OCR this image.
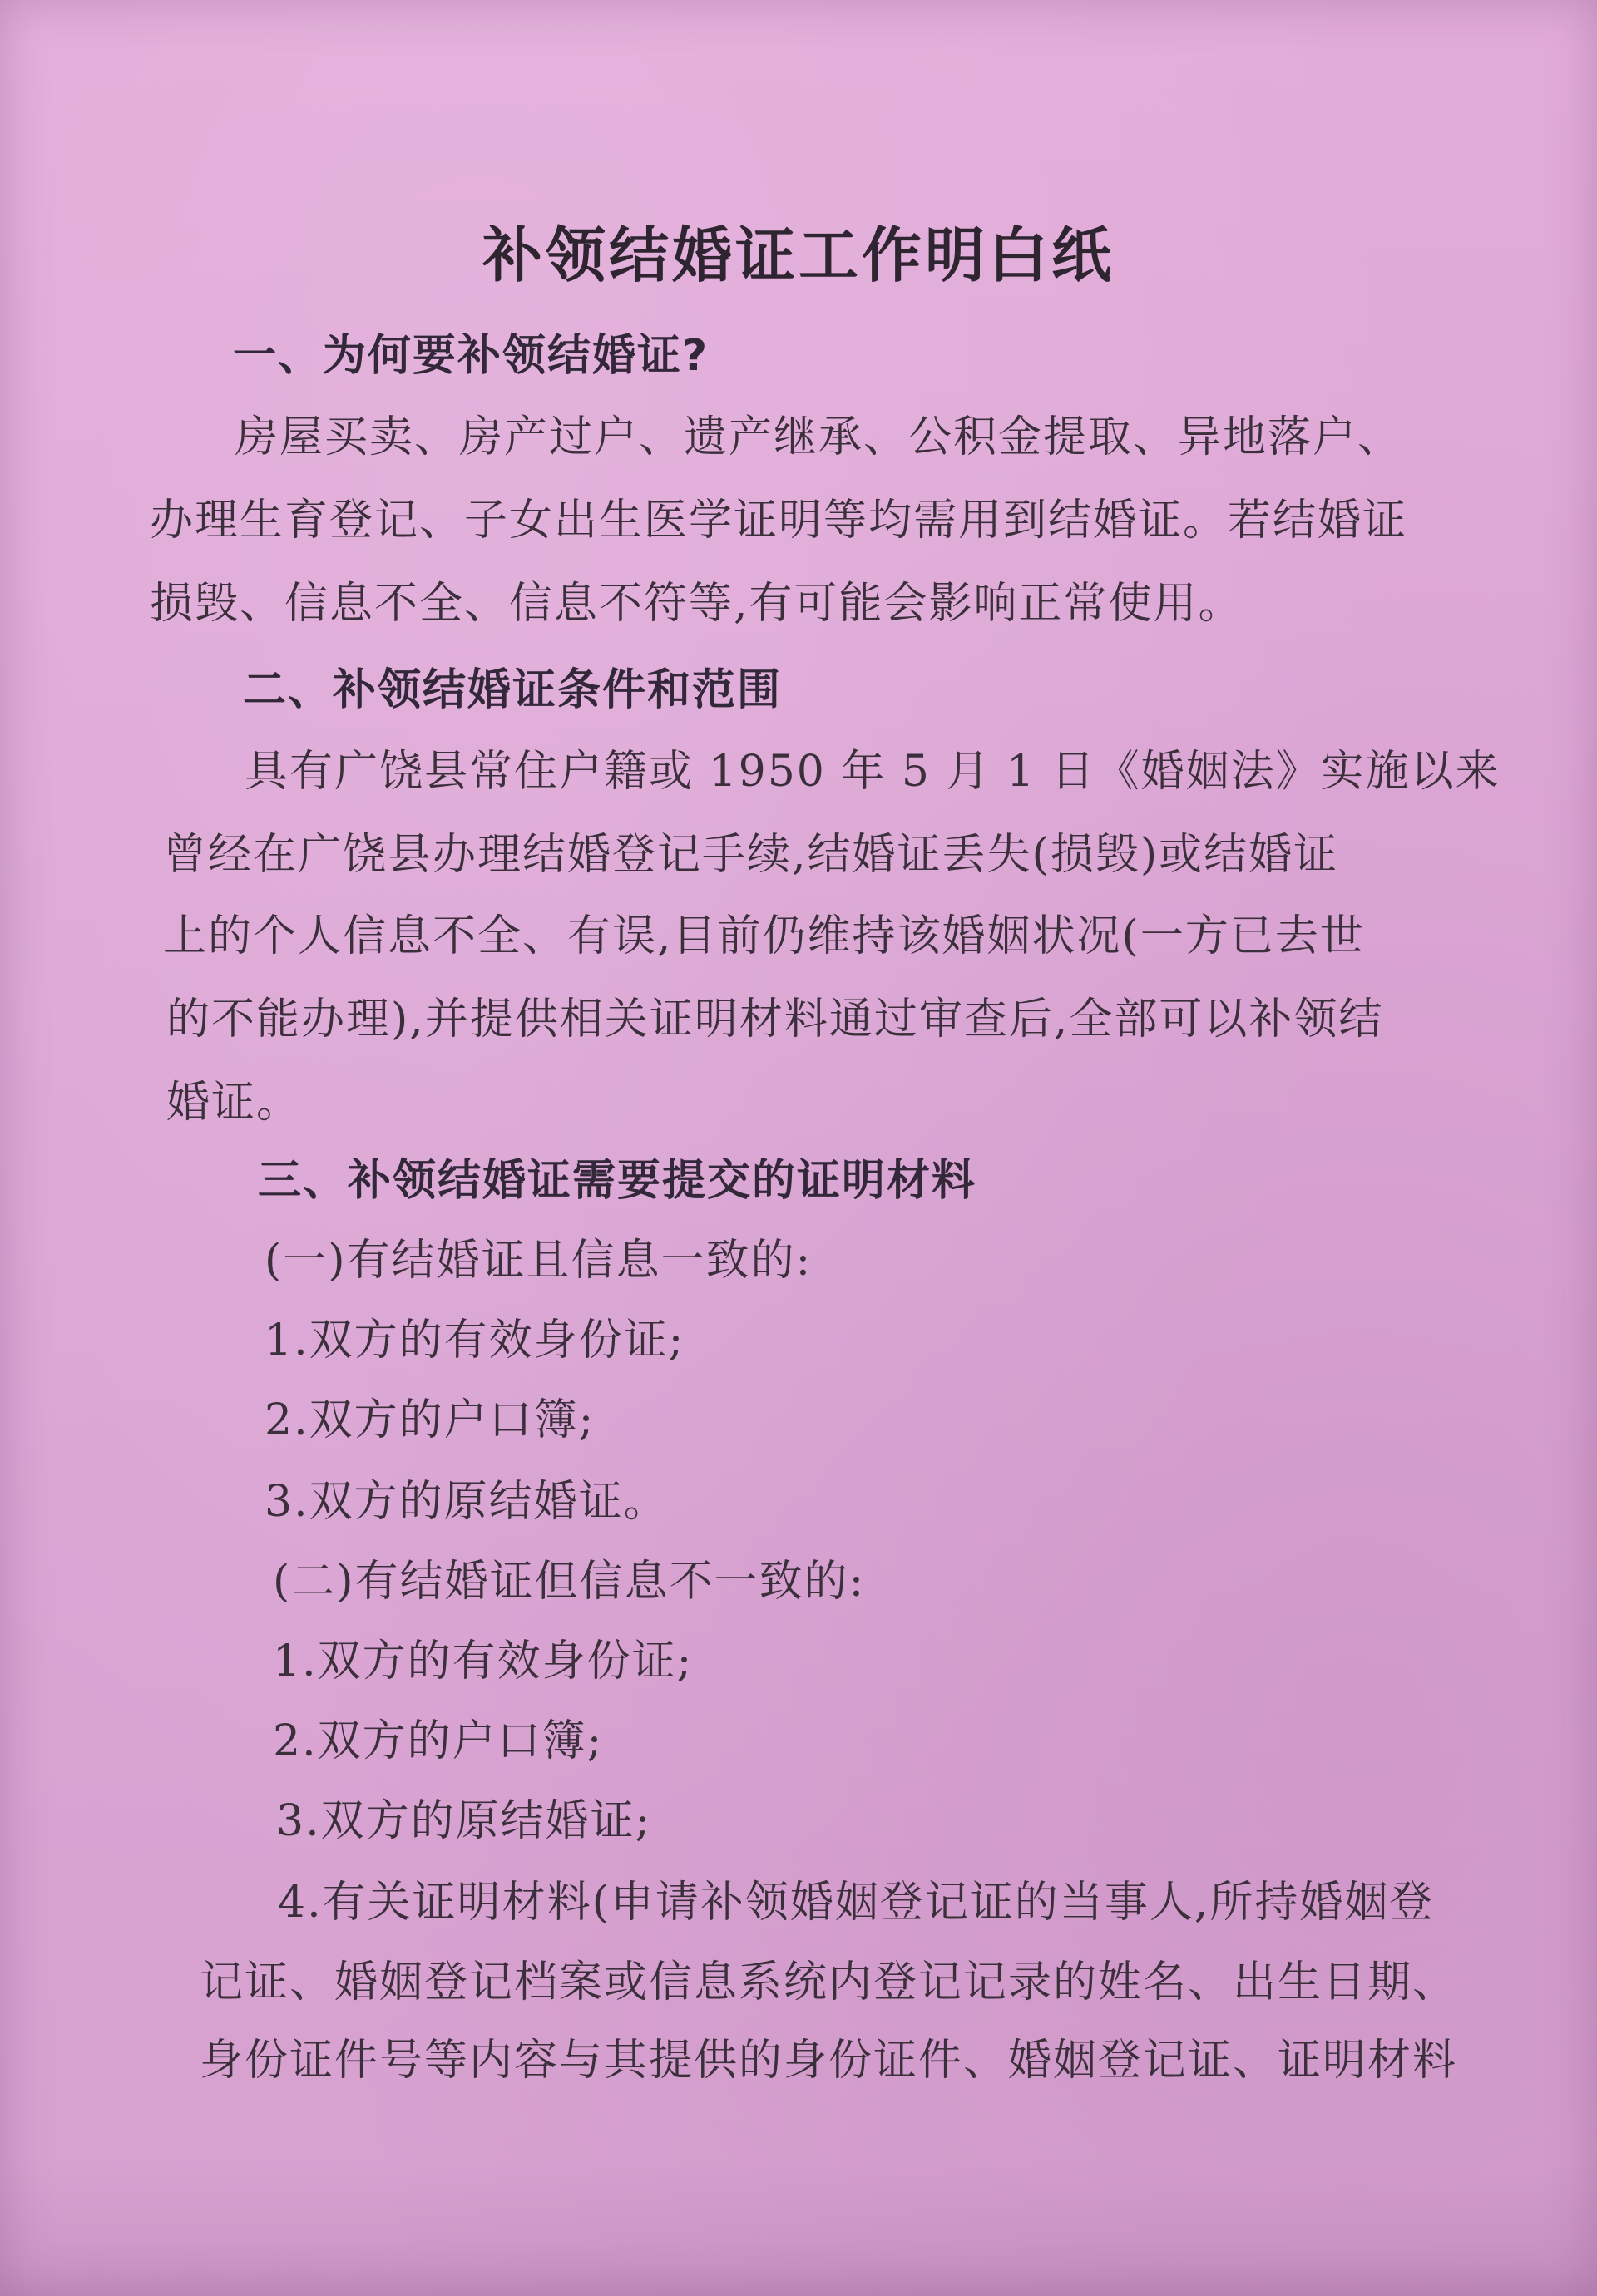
补领结婚证工作明白纸

一、为何要补领结婚证?

房屋买卖、房产过户、遗产继承、公积金提取、异地落户、

办理生育登记、子女出生医学证明等均需用到结婚证。若结婚证

损毁、信息不全、信息不符等,有可能会影响正常使用。

二、补领结婚证条件和范围

具有广饶县常住户籍或 1950 年 5 月 1 日《婚姻法》实施以来

曾经在广饶县办理结婚登记手续,结婚证丢失(损毁)或结婚证

上的个人信息不全、有误,目前仍维持该婚姻状况(一方已去世

的不能办理),并提供相关证明材料通过审查后,全部可以补领结

婚证。

三、补领结婚证需要提交的证明材料

(一)有结婚证且信息一致的:

1.双方的有效身份证;

2.双方的户口簿;

3.双方的原结婚证。

(二)有结婚证但信息不一致的:

1.双方的有效身份证;

2.双方的户口簿;

3.双方的原结婚证;

4.有关证明材料(申请补领婚姻登记证的当事人,所持婚姻登

记证、婚姻登记档案或信息系统内登记记录的姓名、出生日期、

身份证件号等内容与其提供的身份证件、婚姻登记证、证明材料
